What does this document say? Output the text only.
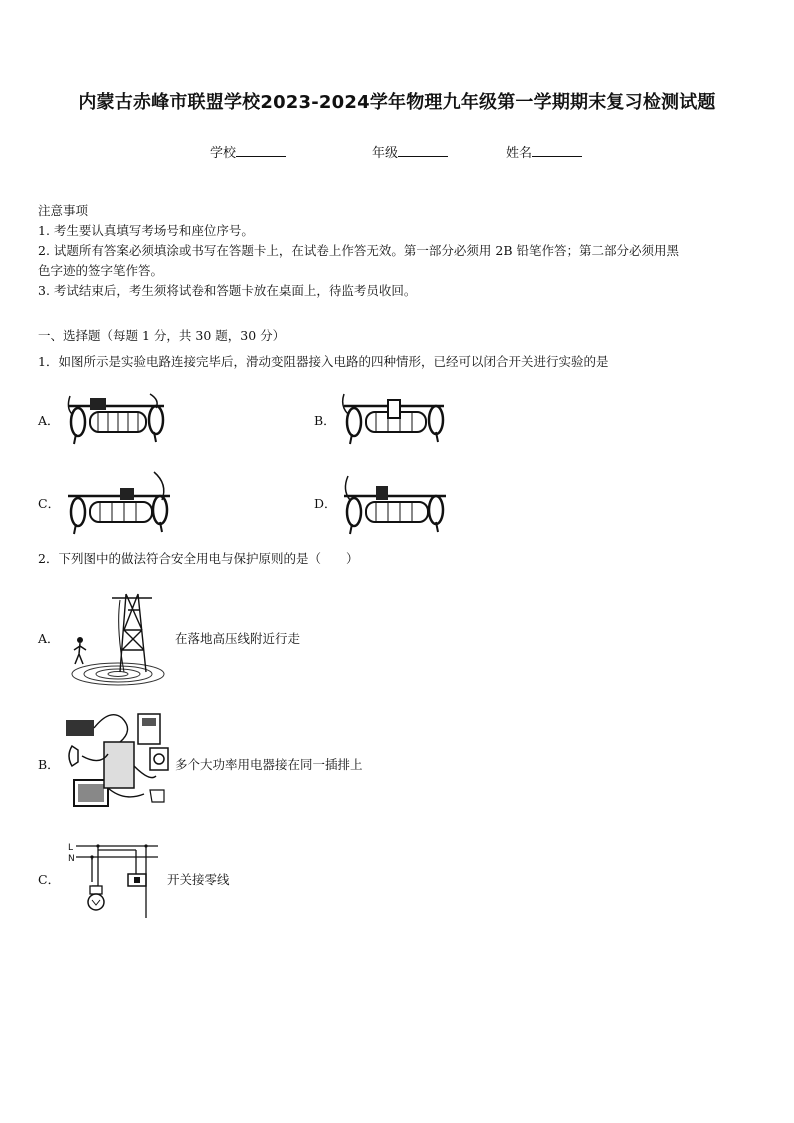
内蒙古赤峰市联盟学校2023-2024学年物理九年级第一学期期末复习检测试题
学校	年级	姓名
注意事项
1. 考生要认真填写考场号和座位序号。
2. 试题所有答案必须填涂或书写在答题卡上，在试卷上作答无效。第一部分必须用 2B 铅笔作答；第二部分必须用黑
色字迹的签字笔作答。
3. 考试结束后，考生须将试卷和答题卡放在桌面上，待监考员收回。
一、选择题（每题 1 分，共 30 题，30 分）
1．如图所示是实验电路连接完毕后，滑动变阻器接入电路的四种情形，已经可以闭合开关进行实验的是
A．	B．
C．	D．
2．下列图中的做法符合安全用电与保护原则的是（　　）
A．	在落地高压线附近行走
B．	多个大功率用电器接在同一插排上
C．
L
N
开关接零线
